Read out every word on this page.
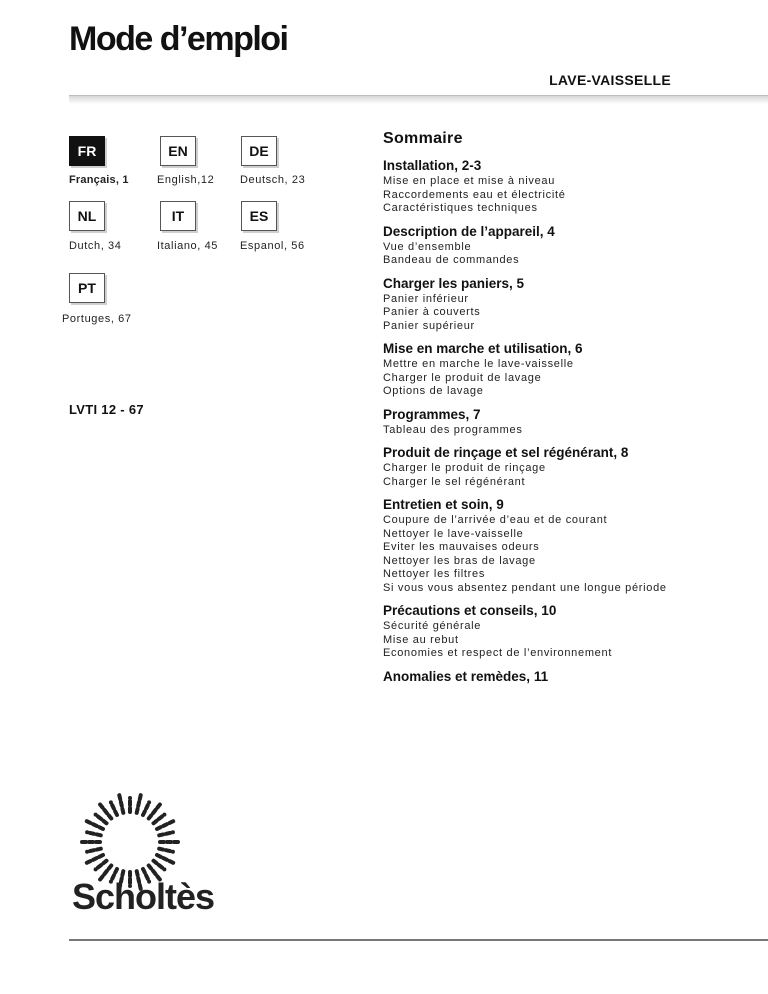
Mode d’emploi
LAVE-VAISSELLE
FR
Français, 1
EN
English,12
DE
Deutsch, 23
NL
Dutch, 34
IT
Italiano, 45
ES
Espanol, 56
PT
Portuges, 67
LVTI 12 - 67
Sommaire
Installation, 2-3
Mise en place et mise à niveau
Raccordements eau et électricité
Caractéristiques techniques
Description de l’appareil, 4
Vue d’ensemble
Bandeau de commandes
Charger les paniers, 5
Panier inférieur
Panier à couverts
Panier supérieur
Mise en marche et utilisation, 6
Mettre en marche le lave-vaisselle
Charger le produit de lavage
Options de lavage
Programmes, 7
Tableau des programmes
Produit de rinçage et sel régénérant, 8
Charger le produit de rinçage
Charger le sel régénérant
Entretien et soin, 9
Coupure de l’arrivée d’eau et de courant
Nettoyer le lave-vaisselle
Eviter les mauvaises odeurs
Nettoyer les bras de lavage
Nettoyer les filtres
Si vous vous absentez pendant une longue période
Précautions et conseils, 10
Sécurité générale
Mise au rebut
Economies et respect de l’environnement
Anomalies et remèdes, 11
Scholtès
